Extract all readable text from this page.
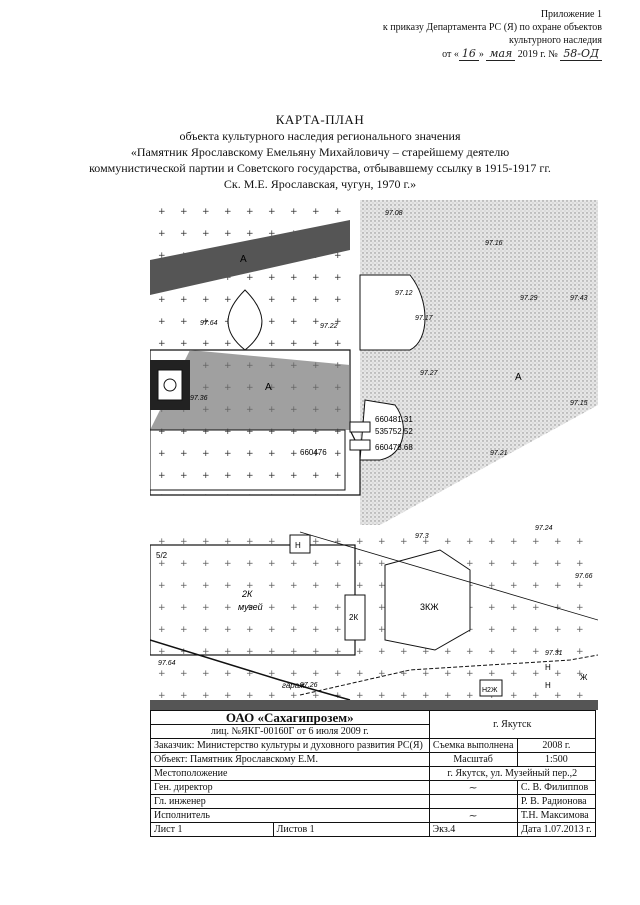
Приложение 1
к приказу Департамента РС (Я) по охране объектов
культурного наследия
от « 16 » мая 2019 г. № 58-ОД
КАРТА-ПЛАН
объекта культурного наследия регионального значения
«Памятник Ярославскому Емельяну Михайловичу – старейшему деятелю
коммунистической партии и Советского государства, отбывавшему ссылку в 1915-1917 гг.
Ск. М.Е. Ярославская, чугун, 1970 г.»
А
А
А
660481.31
535752.52
660478.68
660476
2К
музей	3КЖ
2К
5/2
гараж
Н
Н
Н
Ж
Н2Ж
97.08
97.16
97.12
97.17
97.64	97.22
97.36
97.27
97.21
97.24
97.29	97.43
97.3
97.66
97.64
97.26
97.31
97.15
ОАО «Сахагипрозем»		г. Якутск	
лиц. №ЯКГ-00160Г от 6 июля 2009 г.			
Заказчик: Министерство культуры и духовного развития РС(Я)		Съемка выполнена	2008 г.
Объект: Памятник Ярославскому Е.М.		Масштаб	1:500
Местоположение		г. Якутск, ул. Музейный пер.,2	
Ген. директор		~	С. В. Филиппов
Гл. инженер			Р. В. Радионова
Исполнитель		~	Т.Н. Максимова
Лист 1	Листов 1	Экз.4	Дата 1.07.2013 г.
